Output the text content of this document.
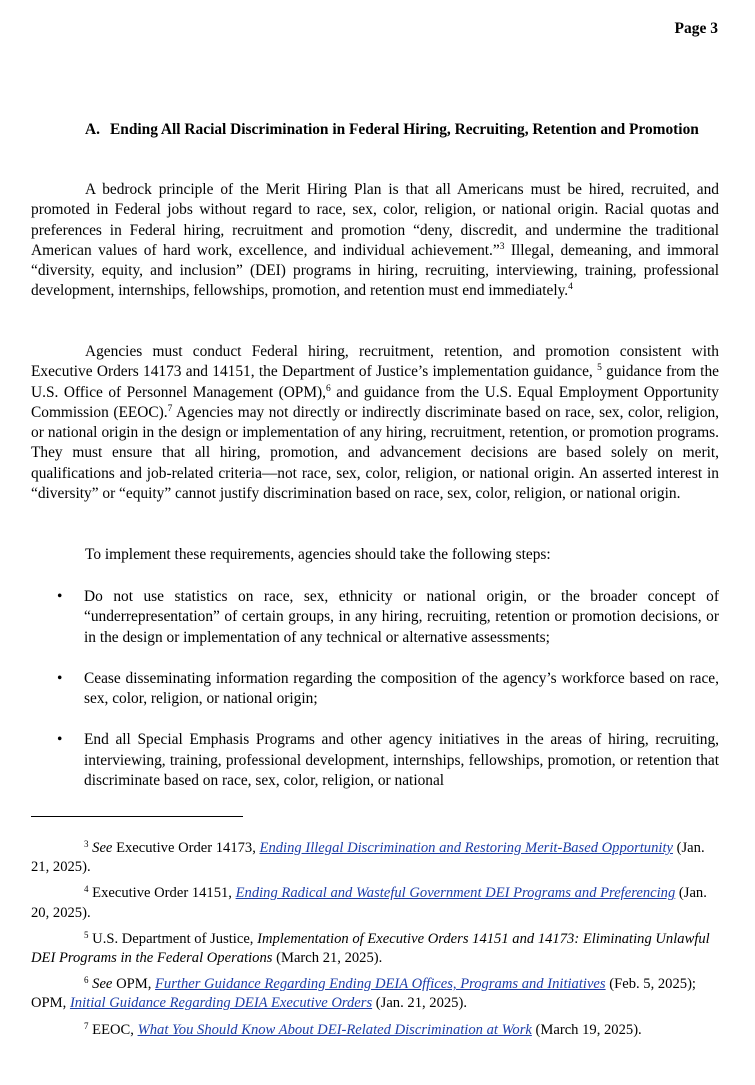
Page 3
A. Ending All Racial Discrimination in Federal Hiring, Recruiting, Retention and Promotion

A bedrock principle of the Merit Hiring Plan is that all Americans must be hired, recruited, and promoted in Federal jobs without regard to race, sex, color, religion, or national origin. Racial quotas and preferences in Federal hiring, recruitment and promotion “deny, discredit, and undermine the traditional American values of hard work, excellence, and individual achievement.”$^3$ Illegal, demeaning, and immoral “diversity, equity, and inclusion” (DEI) programs in hiring, recruiting, interviewing, training, professional development, internships, fellowships, promotion, and retention must end immediately.$^4$

Agencies must conduct Federal hiring, recruitment, retention, and promotion consistent with Executive Orders 14173 and 14151, the Department of Justice’s implementation guidance, $^5$ guidance from the U.S. Office of Personnel Management (OPM),$^6$ and guidance from the U.S. Equal Employment Opportunity Commission (EEOC).$^7$ Agencies may not directly or indirectly discriminate based on race, sex, color, religion, or national origin in the design or implementation of any hiring, recruitment, retention, or promotion programs. They must ensure that all hiring, promotion, and advancement decisions are based solely on merit, qualifications and job-related criteria—not race, sex, color, religion, or national origin. An asserted interest in “diversity” or “equity” cannot justify discrimination based on race, sex, color, religion, or national origin.

To implement these requirements, agencies should take the following steps:

• Do not use statistics on race, sex, ethnicity or national origin, or the broader concept of “underrepresentation” of certain groups, in any hiring, recruiting, retention or promotion decisions, or in the design or implementation of any technical or alternative assessments;
• Cease disseminating information regarding the composition of the agency’s workforce based on race, sex, color, religion, or national origin;
• End all Special Emphasis Programs and other agency initiatives in the areas of hiring, recruiting, interviewing, training, professional development, internships, fellowships, promotion, or retention that discriminate based on race, sex, color, religion, or national

$^3$ See Executive Order 14173, Ending Illegal Discrimination and Restoring Merit-Based Opportunity (Jan. 21, 2025).

$^4$ Executive Order 14151, Ending Radical and Wasteful Government DEI Programs and Preferencing (Jan. 20, 2025).

$^5$ U.S. Department of Justice, Implementation of Executive Orders 14151 and 14173: Eliminating Unlawful DEI Programs in the Federal Operations (March 21, 2025).

$^6$ See OPM, Further Guidance Regarding Ending DEIA Offices, Programs and Initiatives (Feb. 5, 2025); OPM, Initial Guidance Regarding DEIA Executive Orders (Jan. 21, 2025).

$^7$ EEOC, What You Should Know About DEI-Related Discrimination at Work (March 19, 2025).
